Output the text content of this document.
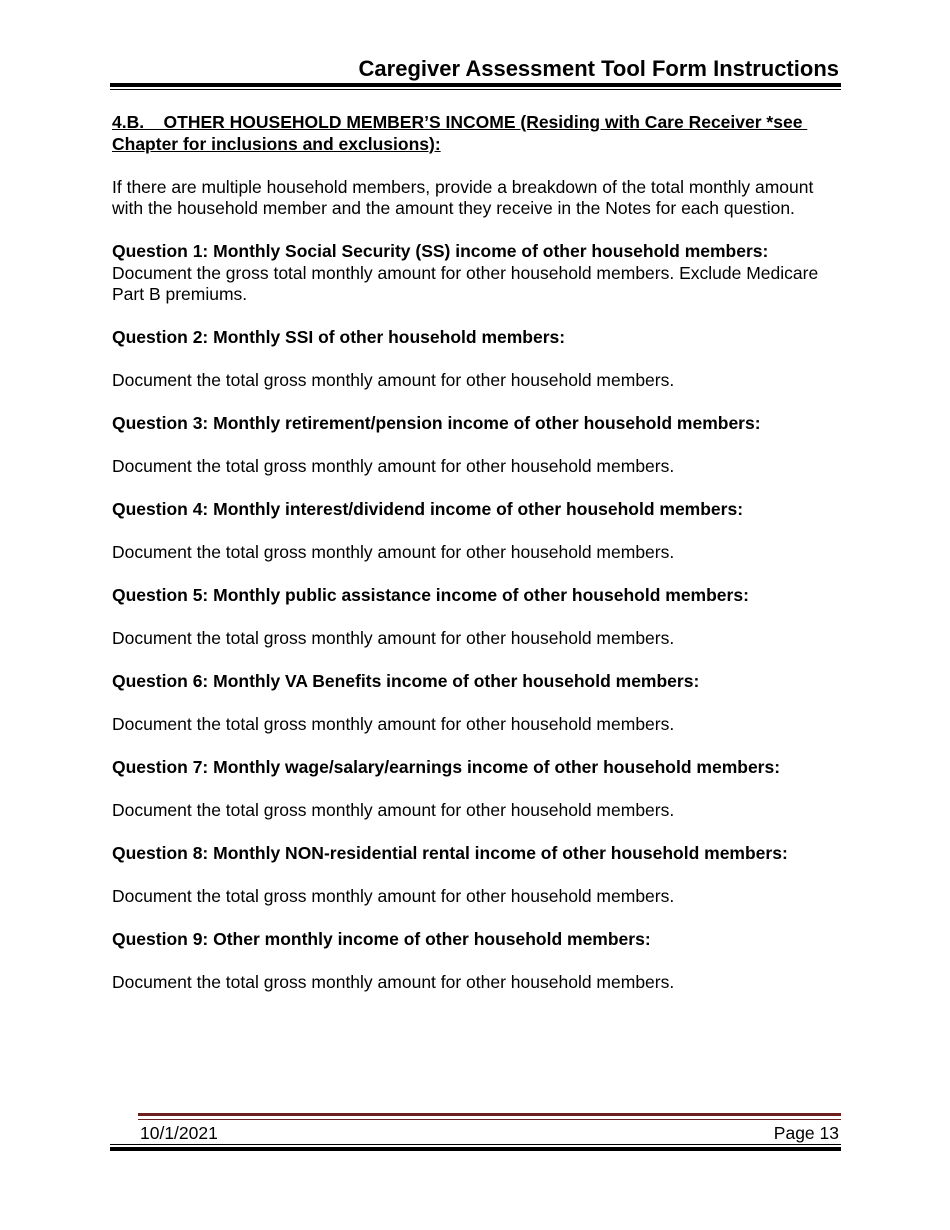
Caregiver Assessment Tool Form Instructions

4.B.    OTHER HOUSEHOLD MEMBER’S INCOME (Residing with Care Receiver *see Chapter for inclusions and exclusions):

If there are multiple household members, provide a breakdown of the total monthly amount with the household member and the amount they receive in the Notes for each question.

Question 1: Monthly Social Security (SS) income of other household members:

Document the gross total monthly amount for other household members. Exclude Medicare Part B premiums.

Question 2: Monthly SSI of other household members:

Document the total gross monthly amount for other household members.

Question 3: Monthly retirement/pension income of other household members:

Document the total gross monthly amount for other household members.

Question 4: Monthly interest/dividend income of other household members:

Document the total gross monthly amount for other household members.

Question 5: Monthly public assistance income of other household members:

Document the total gross monthly amount for other household members.

Question 6: Monthly VA Benefits income of other household members:

Document the total gross monthly amount for other household members.

Question 7: Monthly wage/salary/earnings income of other household members:

Document the total gross monthly amount for other household members.

Question 8: Monthly NON-residential rental income of other household members:

Document the total gross monthly amount for other household members.

Question 9: Other monthly income of other household members:

Document the total gross monthly amount for other household members.

10/1/2021	Page 13
